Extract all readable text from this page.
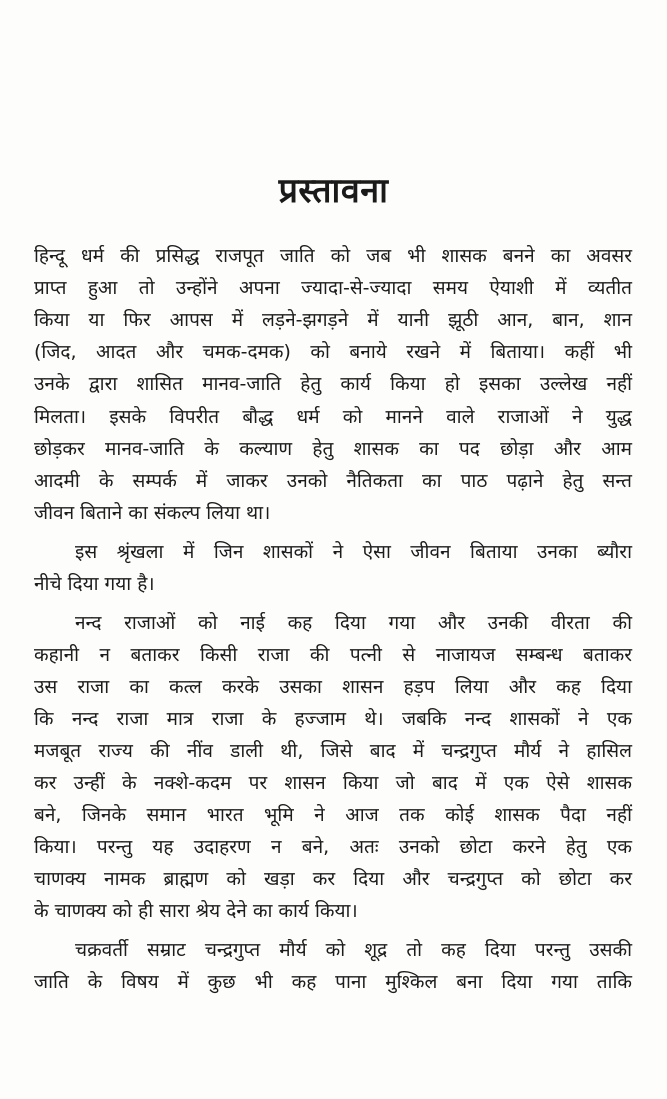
प्रस्तावना
हिन्दू धर्म की प्रसिद्ध राजपूत जाति को जब भी शासक बनने का अवसर
प्राप्त हुआ तो उन्होंने अपना ज्यादा-से-ज्यादा समय ऐयाशी में व्यतीत
किया या फिर आपस में लड़ने-झगड़ने में यानी झूठी आन, बान, शान
(जिद, आदत और चमक-दमक) को बनाये रखने में बिताया। कहीं भी
उनके द्वारा शासित मानव-जाति हेतु कार्य किया हो इसका उल्लेख नहीं
मिलता। इसके विपरीत बौद्ध धर्म को मानने वाले राजाओं ने युद्ध
छोड़कर मानव-जाति के कल्याण हेतु शासक का पद छोड़ा और आम
आदमी के सम्पर्क में जाकर उनको नैतिकता का पाठ पढ़ाने हेतु सन्त
जीवन बिताने का संकल्प लिया था।
इस श्रृंखला में जिन शासकों ने ऐसा जीवन बिताया उनका ब्यौरा
नीचे दिया गया है।
नन्द राजाओं को नाई कह दिया गया और उनकी वीरता की
कहानी न बताकर किसी राजा की पत्नी से नाजायज सम्बन्ध बताकर
उस राजा का कत्ल करके उसका शासन हड़प लिया और कह दिया
कि नन्द राजा मात्र राजा के हज्जाम थे। जबकि नन्द शासकों ने एक
मजबूत राज्य की नींव डाली थी, जिसे बाद में चन्द्रगुप्त मौर्य ने हासिल
कर उन्हीं के नक्शे-कदम पर शासन किया जो बाद में एक ऐसे शासक
बने, जिनके समान भारत भूमि ने आज तक कोई शासक पैदा नहीं
किया। परन्तु यह उदाहरण न बने, अतः उनको छोटा करने हेतु एक
चाणक्य नामक ब्राह्मण को खड़ा कर दिया और चन्द्रगुप्त को छोटा कर
के चाणक्य को ही सारा श्रेय देने का कार्य किया।
चक्रवर्ती सम्राट चन्द्रगुप्त मौर्य को शूद्र तो कह दिया परन्तु उसकी
जाति के विषय में कुछ भी कह पाना मुश्किल बना दिया गया ताकि
